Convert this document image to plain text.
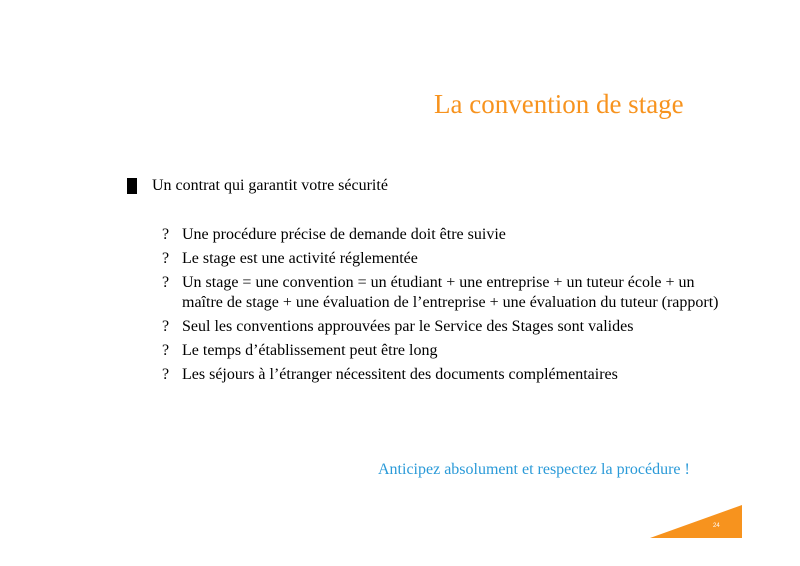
La convention de stage
Un contrat qui garantit votre sécurité
? Une procédure précise de demande doit être suivie
? Le stage est une activité réglementée
? Un stage = une convention = un étudiant + une entreprise + un tuteur école + un maître de stage + une évaluation de l’entreprise + une évaluation du tuteur (rapport)
? Seul les conventions approuvées par le Service des Stages sont valides
? Le temps d’établissement peut être long
? Les séjours à l’étranger nécessitent des documents complémentaires
Anticipez absolument et respectez la procédure !
24
